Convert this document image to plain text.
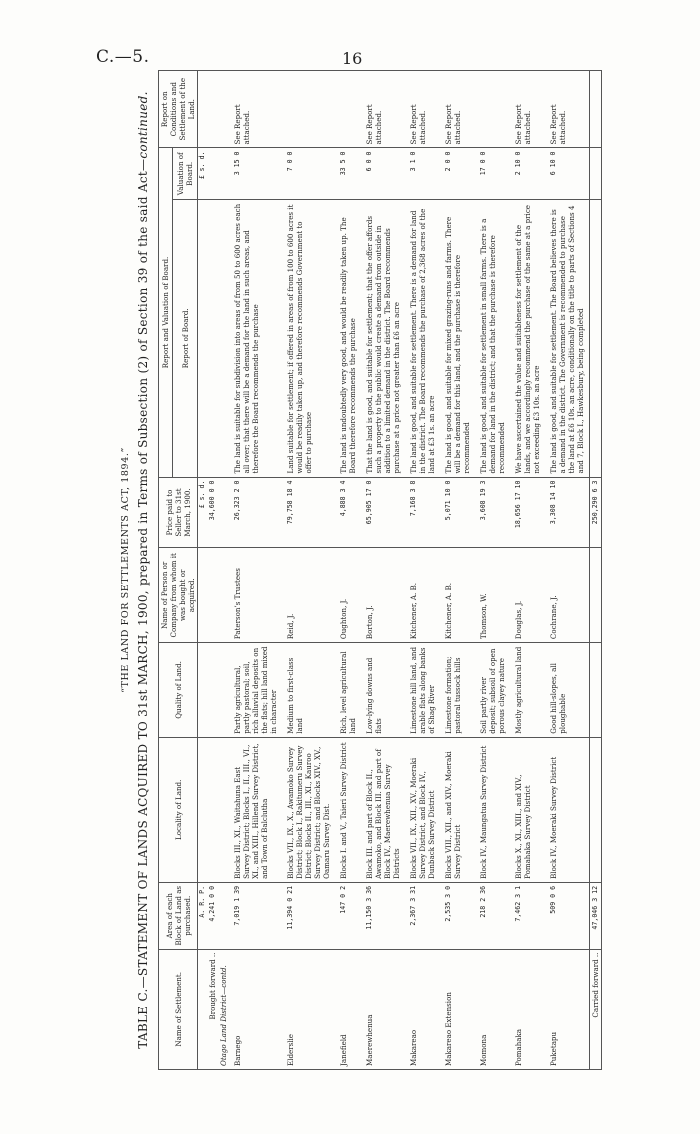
C.—5.	16
“THE LAND FOR SETTLEMENTS ACT, 1894.” TABLE C.—STATEMENT OF LANDS ACQUIRED TO 31st MARCH, 1900, prepared in Terms of Subsection (2) of Section 39 of the said Act—continued.
Name of Settlement.	Area of each Block of Land as purchased.	Locality of Land.	Quality of Land.	Name of Person or Company from whom it was bought or acquired.	Price paid to Seller to 31st March, 1900.	Report and Valuation of Board.		Report on Conditions and Settlement of the Land.
						Report of Board.	Valuation of Board.	
	A. R. P.				£ s. d.		£ s. d.	
Brought forward ..	4,241 0 0				34,600 0 0			
Otago Land District—contd.								
Barnego	7,019 1 39	Blocks III., XI., Waitahuna East Survey District; Blocks I., II., III., VI., XI., and XIII., Hillend Survey District, and Town of Balclutha	Partly agricultural, partly pastoral; soil, rich alluvial deposits on the flats; hill land mixed in character	Paterson’s Trustees	26,323 2 0	The land is suitable for subdivision into areas of from 50 to 600 acres each all over; that there will be a demand for the land in such areas, and therefore the Board recommends the purchase	3 15 0	See Report attached.
Elderslie	11,394 0 21	Blocks VII., IX., X., Awamoko Survey District; Block I., Rakitumeru Survey District; Blocks II., III., XI., Kauroo Survey District; and Blocks XIV., XV., Oamaru Survey Dist.	Medium to first-class land	Reid, J.	79,758 18 4	Land suitable for settlement; if offered in areas of from 100 to 600 acres it would be readily taken up, and therefore recommends Government to offer to purchase	7 0 0	
Janefield	147 0 2	Blocks I. and V., Taieri Survey District	Rich, level agricultural land	Oughton, J.	4,888 3 4	The land is undoubtedly very good, and would be readily taken up. The Board therefore recommends the purchase	33 5 0	
Maerewhenua	11,150 3 36	Block III. and part of Block II., Awamoko, and Block III. and part of Block IV., Maerewhenua Survey Districts	Low-lying downs and flats	Borton, J.	65,905 17 0	That the land is good, and suitable for settlement; that the offer affords such a property to the public would create a demand from outside in addition to a limited demand in the district. The Board recommends purchase at a price not greater than £6 an acre	6 0 0	See Report attached.
Makareao	2,367 3 31	Blocks VII., IX., XII., XV., Moeraki Survey District, and Block IV., Dunback Survey District	Limestone hill land, and arable flats along banks of Shag River	Kitchener, A. B.	7,168 3 8	The land is good, and suitable for settlement. There is a demand for land in the district. The Board recommends the purchase of 2,368 acres of the land at £3 1s. an acre	3 1 0	See Report attached.
Makareao Extension	2,535 3 0	Blocks VIII., XII., and XIV., Moeraki Survey District	Limestone formation; pastoral tussock hills	Kitchener, A. B.	5,071 10 0	The land is good, and suitable for mixed grazing-runs and farms. There will be a demand for this land, and the purchase is therefore recommended	2 0 0	See Report attached.
Momona	218 2 36	Block IV., Maungatua Survey District	Soil partly river deposit; subsoil of open porous clayey nature	Thomson, W.	3,608 19 3	The land is good, and suitable for settlement in small farms. There is a demand for land in the district; and that the purchase is therefore recommended	17 0 0	
Pomahaka	7,462 3 1	Blocks X., XI., XIII., and XIV., Pomahaka Survey District	Mostly agricultural land	Douglas, J.	18,656 17 10	We have ascertained the value and suitableness for settlement of the lands, and we accordingly recommend the purchase of the same at a price not exceeding £3 10s. an acre	2 10 0	See Report attached.
Puketapu	509 0 6	Block IV., Moeraki Survey District	Good hill-slopes, all ploughable	Cochrane, J.	3,308 14 10	The land is good, and suitable for settlement. The Board believes there is a demand in the district. The Government is recommended to purchase the land at £6 10s. an acre, conditionally on the title to parts of Sections 4 and 7, Block I., Hawkesbury, being completed	6 10 0	See Report attached.
Carried forward ..	47,046 3 12				250,290 6 3			
